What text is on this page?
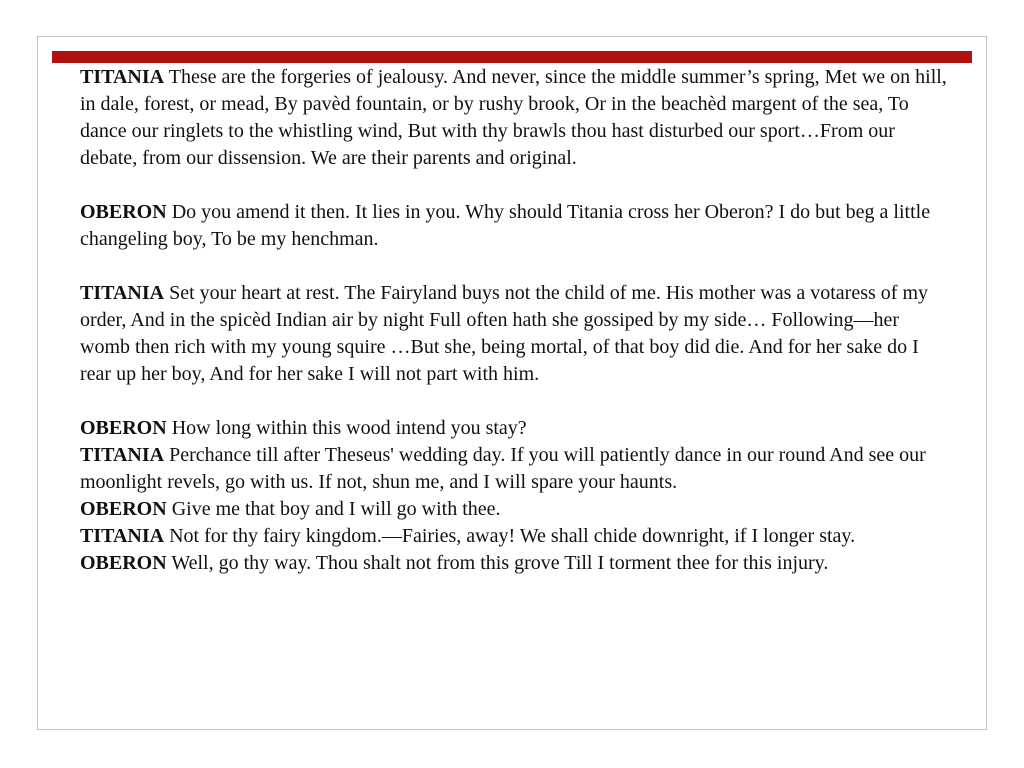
TITANIA These are the forgeries of jealousy. And never, since the middle summer’s spring, Met we on hill, in dale, forest, or mead, By pavèd fountain, or by rushy brook, Or in the beachèd margent of the sea, To dance our ringlets to the whistling wind, But with thy brawls thou hast disturbed our sport…From our debate, from our dissension. We are their parents and original.

OBERON Do you amend it then. It lies in you. Why should Titania cross her Oberon? I do but beg a little changeling boy, To be my henchman.

TITANIA Set your heart at rest. The Fairyland buys not the child of me. His mother was a votaress of my order, And in the spicèd Indian air by night Full often hath she gossiped by my side… Following—her womb then rich with my young squire …But she, being mortal, of that boy did die. And for her sake do I rear up her boy, And for her sake I will not part with him.

OBERON How long within this wood intend you stay?

TITANIA Perchance till after Theseus' wedding day. If you will patiently dance in our round And see our moonlight revels, go with us. If not, shun me, and I will spare your haunts.

OBERON Give me that boy and I will go with thee.

TITANIA Not for thy fairy kingdom.—Fairies, away! We shall chide downright, if I longer stay.

OBERON Well, go thy way. Thou shalt not from this grove Till I torment thee for this injury.
